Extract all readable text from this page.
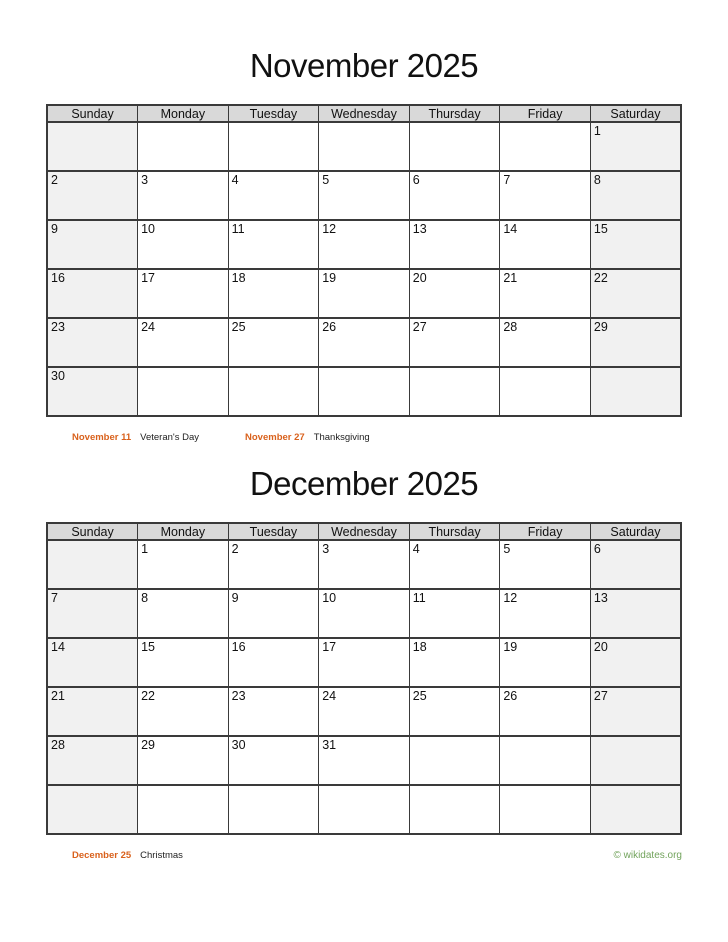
November 2025
Sunday	Monday	Tuesday	Wednesday	Thursday	Friday	Saturday
						1
2	3	4	5	6	7	8
9	10	11	12	13	14	15
16	17	18	19	20	21	22
23	24	25	26	27	28	29
30						
November 11 Veteran's Day	November 27 Thanksgiving
December 2025
Sunday	Monday	Tuesday	Wednesday	Thursday	Friday	Saturday
	1	2	3	4	5	6
7	8	9	10	11	12	13
14	15	16	17	18	19	20
21	22	23	24	25	26	27
28	29	30	31			

December 25 Christmas	© wikidates.org
